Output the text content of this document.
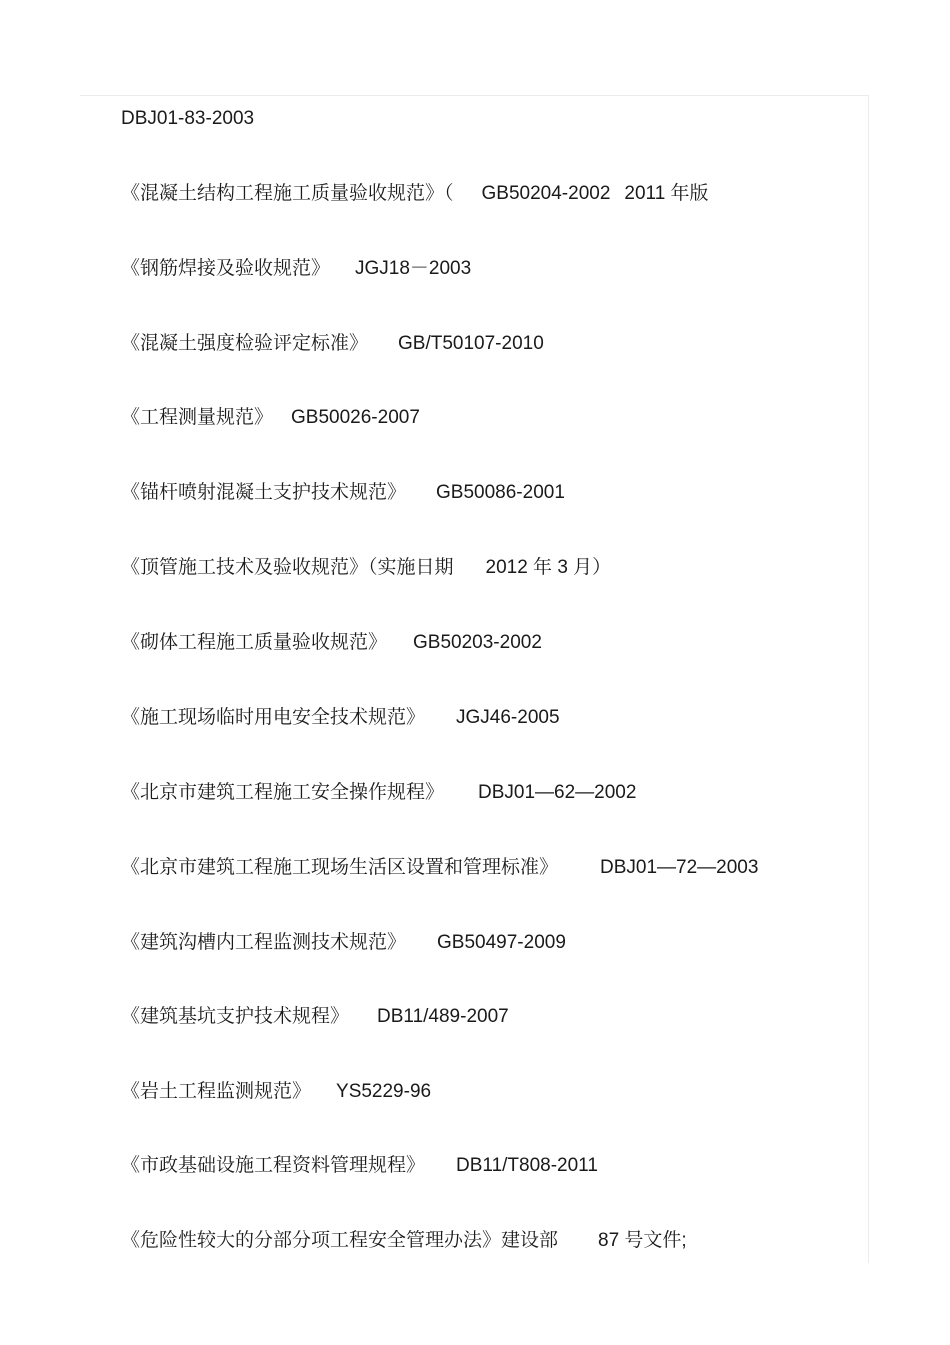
DBJ01-83-2003
《混凝土结构工程施工质量验收规范》（ GB50204-2002 2011 年版
《钢筋焊接及验收规范》 JGJ18－2003
《混凝土强度检验评定标准》 GB/T50107-2010
《工程测量规范》 GB50026-2007
《锚杆喷射混凝土支护技术规范》 GB50086-2001
《顶管施工技术及验收规范》（实施日期 2012 年 3 月）
《砌体工程施工质量验收规范》 GB50203-2002
《施工现场临时用电安全技术规范》 JGJ46-2005
《北京市建筑工程施工安全操作规程》 DBJ01—62—2002
《北京市建筑工程施工现场生活区设置和管理标准》 DBJ01—72—2003
《建筑沟槽内工程监测技术规范》 GB50497-2009
《建筑基坑支护技术规程》 DB11/489-2007
《岩土工程监测规范》 YS5229-96
《市政基础设施工程资料管理规程》 DB11/T808-2011
《危险性较大的分部分项工程安全管理办法》建设部 87 号文件;
